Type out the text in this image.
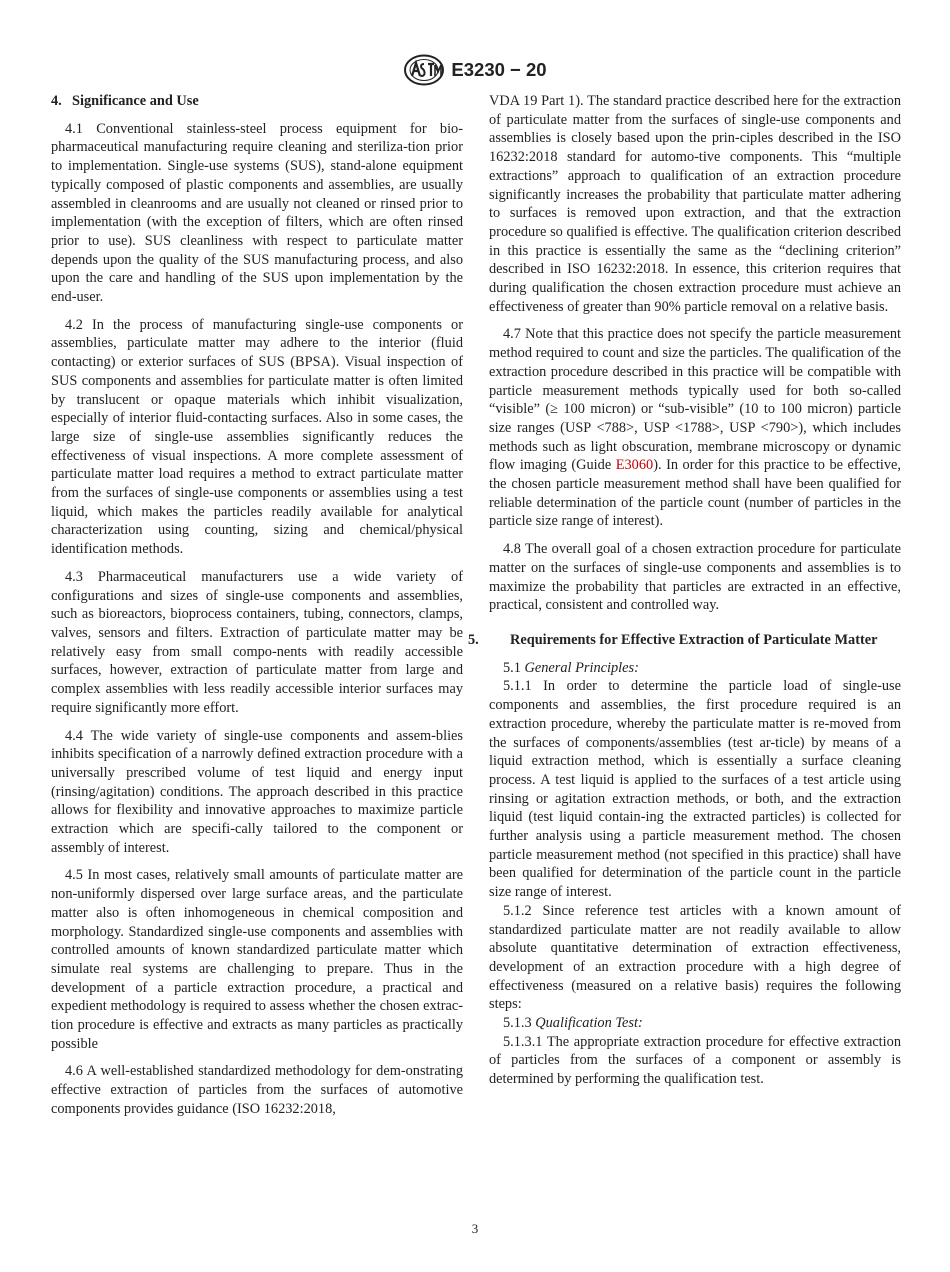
E3230 − 20
4. Significance and Use

4.1 Conventional stainless-steel process equipment for bio-pharmaceutical manufacturing require cleaning and steriliza-tion prior to implementation. Single-use systems (SUS), stand-alone equipment typically composed of plastic components and assemblies, are usually assembled in cleanrooms and are usually not cleaned or rinsed prior to implementation (with the exception of filters, which are often rinsed prior to use). SUS cleanliness with respect to particulate matter depends upon the quality of the SUS manufacturing process, and also upon the care and handling of the SUS upon implementation by the end-user.

4.2 In the process of manufacturing single-use components or assemblies, particulate matter may adhere to the interior (fluid contacting) or exterior surfaces of SUS (BPSA). Visual inspection of SUS components and assemblies for particulate matter is often limited by translucent or opaque materials which inhibit visualization, especially of interior fluid-contacting surfaces. Also in some cases, the large size of single-use assemblies significantly reduces the effectiveness of visual inspections. A more complete assessment of particulate matter load requires a method to extract particulate matter from the surfaces of single-use components or assemblies using a test liquid, which makes the particles readily available for analytical characterization using counting, sizing and chemical/physical identification methods.

4.3 Pharmaceutical manufacturers use a wide variety of configurations and sizes of single-use components and assemblies, such as bioreactors, bioprocess containers, tubing, connectors, clamps, valves, sensors and filters. Extraction of particulate matter may be relatively easy from small compo-nents with readily accessible surfaces, however, extraction of particulate matter from large and complex assemblies with less readily accessible interior surfaces may require significantly more effort.

4.4 The wide variety of single-use components and assem-blies inhibits specification of a narrowly defined extraction procedure with a universally prescribed volume of test liquid and energy input (rinsing/agitation) conditions. The approach described in this practice allows for flexibility and innovative approaches to maximize particle extraction which are specifi-cally tailored to the component or assembly of interest.

4.5 In most cases, relatively small amounts of particulate matter are non-uniformly dispersed over large surface areas, and the particulate matter also is often inhomogeneous in chemical composition and morphology. Standardized single-use components and assemblies with controlled amounts of known standardized particulate matter which simulate real systems are challenging to prepare. Thus in the development of a particle extraction procedure, a practical and expedient methodology is required to assess whether the chosen extrac-tion procedure is effective and extracts as many particles as practically possible

4.6 A well-established standardized methodology for dem-onstrating effective extraction of particles from the surfaces of automotive components provides guidance (ISO 16232:2018,

VDA 19 Part 1). The standard practice described here for the extraction of particulate matter from the surfaces of single-use components and assemblies is closely based upon the prin-ciples described in the ISO 16232:2018 standard for automo-tive components. This “multiple extractions” approach to qualification of an extraction procedure significantly increases the probability that particulate matter adhering to surfaces is removed upon extraction, and that the extraction procedure so qualified is effective. The qualification criterion described in this practice is essentially the same as the “declining criterion” described in ISO 16232:2018. In essence, this criterion requires that during qualification the chosen extraction procedure must achieve an effectiveness of greater than 90% particle removal on a relative basis.

4.7 Note that this practice does not specify the particle measurement method required to count and size the particles. The qualification of the extraction procedure described in this practice will be compatible with particle measurement methods typically used for both so-called “visible” (≥ 100 micron) or “sub-visible” (10 to 100 micron) particle size ranges (USP <788>, USP <1788>, USP <790>), which includes methods such as light obscuration, membrane microscopy or dynamic flow imaging (Guide E3060). In order for this practice to be effective, the chosen particle measurement method shall have been qualified for reliable determination of the particle count (number of particles in the particle size range of interest).

4.8 The overall goal of a chosen extraction procedure for particulate matter on the surfaces of single-use components and assemblies is to maximize the probability that particles are extracted in an effective, practical, consistent and controlled way.

5. Requirements for Effective Extraction of Particulate Matter

5.1 General Principles:

5.1.1 In order to determine the particle load of single-use components and assemblies, the first procedure required is an extraction procedure, whereby the particulate matter is re-moved from the surfaces of components/assemblies (test ar-ticle) by means of a liquid extraction method, which is essentially a surface cleaning process. A test liquid is applied to the surfaces of a test article using rinsing or agitation extraction methods, or both, and the extraction liquid (test liquid contain-ing the extracted particles) is collected for further analysis using a particle measurement method. The chosen particle measurement method (not specified in this practice) shall have been qualified for determination of the particle count in the particle size range of interest.

5.1.2 Since reference test articles with a known amount of standardized particulate matter are not readily available to allow absolute quantitative determination of extraction effectiveness, development of an extraction procedure with a high degree of effectiveness (measured on a relative basis) requires the following steps:

5.1.3 Qualification Test:

5.1.3.1 The appropriate extraction procedure for effective extraction of particles from the surfaces of a component or assembly is determined by performing the qualification test.

3
